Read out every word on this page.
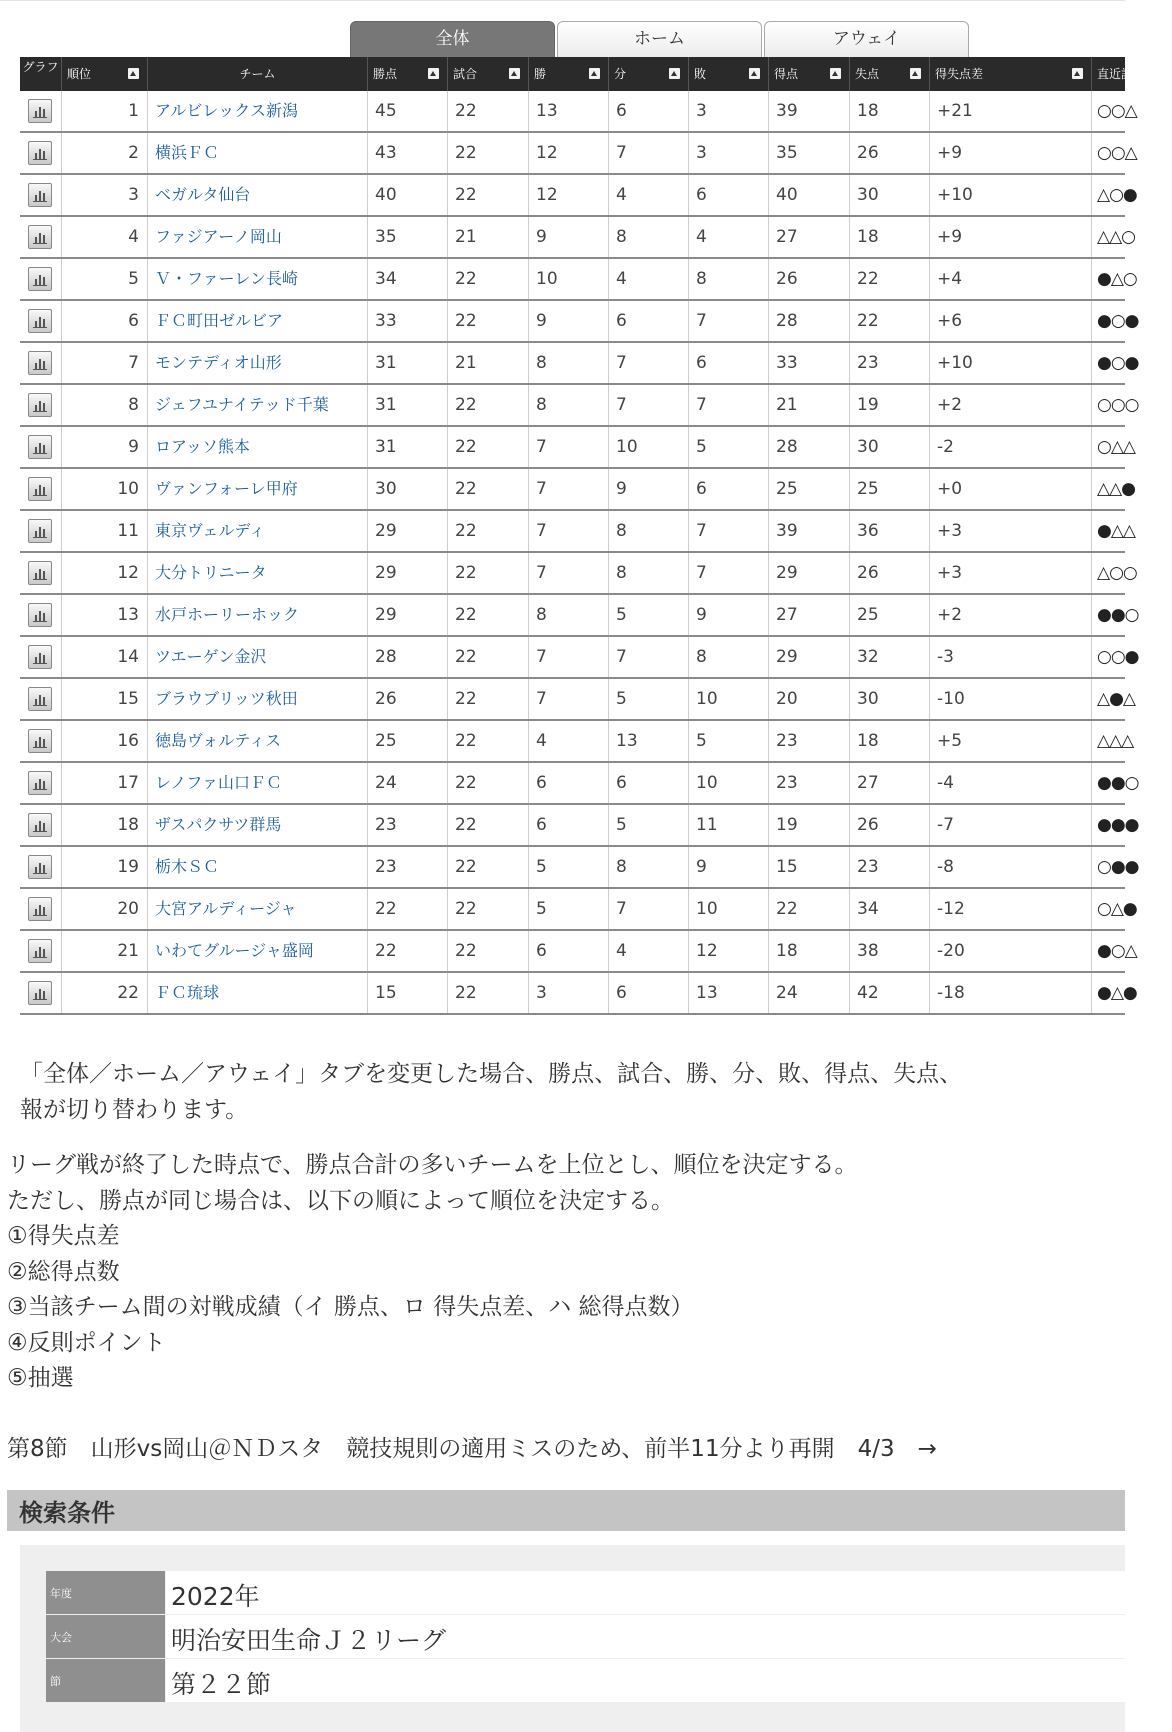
全体	ホーム	アウェイ
グラフ 順位	チーム	勝点	試合	勝	分	敗	得点	失点	得失点差	直近試合
1	アルビレックス新潟	45	22	13	6	3	39	18	+21	○○△
2	横浜ＦＣ	43	22	12	7	3	35	26	+9	○○△
3	ベガルタ仙台	40	22	12	4	6	40	30	+10	△○●
4	ファジアーノ岡山	35	21	9	8	4	27	18	+9	△△○
5	Ｖ・ファーレン長崎	34	22	10	4	8	26	22	+4	●△○
6	ＦＣ町田ゼルビア	33	22	9	6	7	28	22	+6	●○●
7	モンテディオ山形	31	21	8	7	6	33	23	+10	●○●
8	ジェフユナイテッド千葉	31	22	8	7	7	21	19	+2	○○○
9	ロアッソ熊本	31	22	7	10	5	28	30	-2	○△△
10	ヴァンフォーレ甲府	30	22	7	9	6	25	25	+0	△△●
11	東京ヴェルディ	29	22	7	8	7	39	36	+3	●△△
12	大分トリニータ	29	22	7	8	7	29	26	+3	△○○
13	水戸ホーリーホック	29	22	8	5	9	27	25	+2	●●○
14	ツエーゲン金沢	28	22	7	7	8	29	32	-3	○○●
15	ブラウブリッツ秋田	26	22	7	5	10	20	30	-10	△●△
16	徳島ヴォルティス	25	22	4	13	5	23	18	+5	△△△
17	レノファ山口ＦＣ	24	22	6	6	10	23	27	-4	●●○
18	ザスパクサツ群馬	23	22	6	5	11	19	26	-7	●●●
19	栃木ＳＣ	23	22	5	8	9	15	23	-8	○●●
20	大宮アルディージャ	22	22	5	7	10	22	34	-12	○△●
21	いわてグルージャ盛岡	22	22	6	4	12	18	38	-20	●○△
22	ＦＣ琉球	15	22	3	6	13	24	42	-18	●△●
「全体／ホーム／アウェイ」タブを変更した場合、勝点、試合、勝、分、敗、得点、失点、
報が切り替わります。
リーグ戦が終了した時点で、勝点合計の多いチームを上位とし、順位を決定する。
ただし、勝点が同じ場合は、以下の順によって順位を決定する。
①得失点差
②総得点数
③当該チーム間の対戦成績（イ 勝点、ロ 得失点差、ハ 総得点数）
④反則ポイント
⑤抽選
第8節　山形vs岡山＠ＮＤスタ　競技規則の適用ミスのため、前半11分より再開　4/3　→
検索条件
年度	2022年
大会	明治安田生命Ｊ２リーグ
節	第２２節
